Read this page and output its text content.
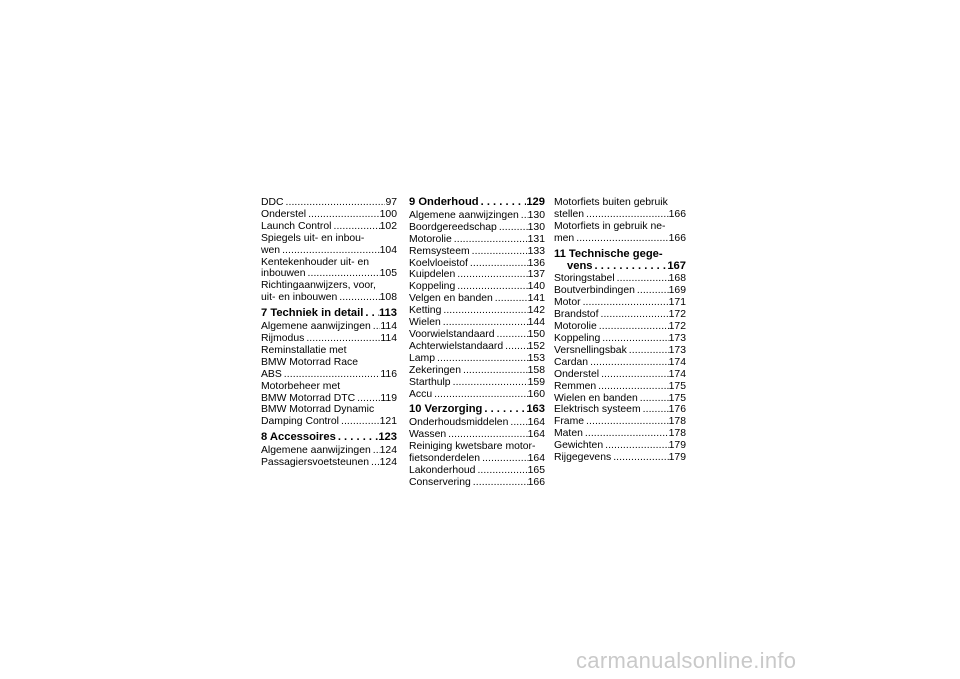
DDC . . .	97
Onderstel . . .	100
Launch Control . . .	102
Spiegels uit- en inbou-
wen . . .	104
Kentekenhouder uit- en
inbouwen . . .	105
Richtingaanwijzers, voor,
uit- en inbouwen . . .	108
7 Techniek in detail . . . 113
Algemene aanwijzingen . . . 114
Rijmodus . . .	114
Reminstallatie met
BMW Motorrad Race
ABS . . .	116
Motorbeheer met
BMW Motorrad DTC . . . 119
BMW Motorrad Dynamic
Damping Control . . .	121
8 Accessoires . . .	123
Algemene aanwijzingen . . . 124
Passagiersvoetsteunen . . . 124
9 Onderhoud . . .	129
Algemene aanwijzingen . . . 130
Boordgereedschap . . .	130
Motorolie . . .	131
Remsysteem . . .	133
Koelvloeistof . . .	136
Kuipdelen . . .	137
Koppeling . . .	140
Velgen en banden . . .	141
Ketting . . .	142
Wielen . . .	144
Voorwielstandaard . . .	150
Achterwielstandaard . . . 152
Lamp . . .	153
Zekeringen . . .	158
Starthulp . . .	159
Accu . . .	160
10 Verzorging . . .	163
Onderhoudsmiddelen . . . 164
Wassen . . .	164
Reiniging kwetsbare motor-
fietsonderdelen . . .	164
Lakonderhoud . . .	165
Conservering . . .	166
Motorfiets buiten gebruik
stellen . . .	166
Motorfiets in gebruik ne-
men . . .	166
11 Technische gege-
vens . . .	167
Storingstabel . . .	168
Boutverbindingen . . .	169
Motor . . .	171
Brandstof . . .	172
Motorolie . . .	172
Koppeling . . .	173
Versnellingsbak . . .	173
Cardan . . .	174
Onderstel . . .	174
Remmen . . .	175
Wielen en banden . . .	175
Elektrisch systeem . . .	176
Frame . . .	178
Maten . . .	178
Gewichten . . .	179
Rijgegevens . . .	179
carmanualsonline.info
